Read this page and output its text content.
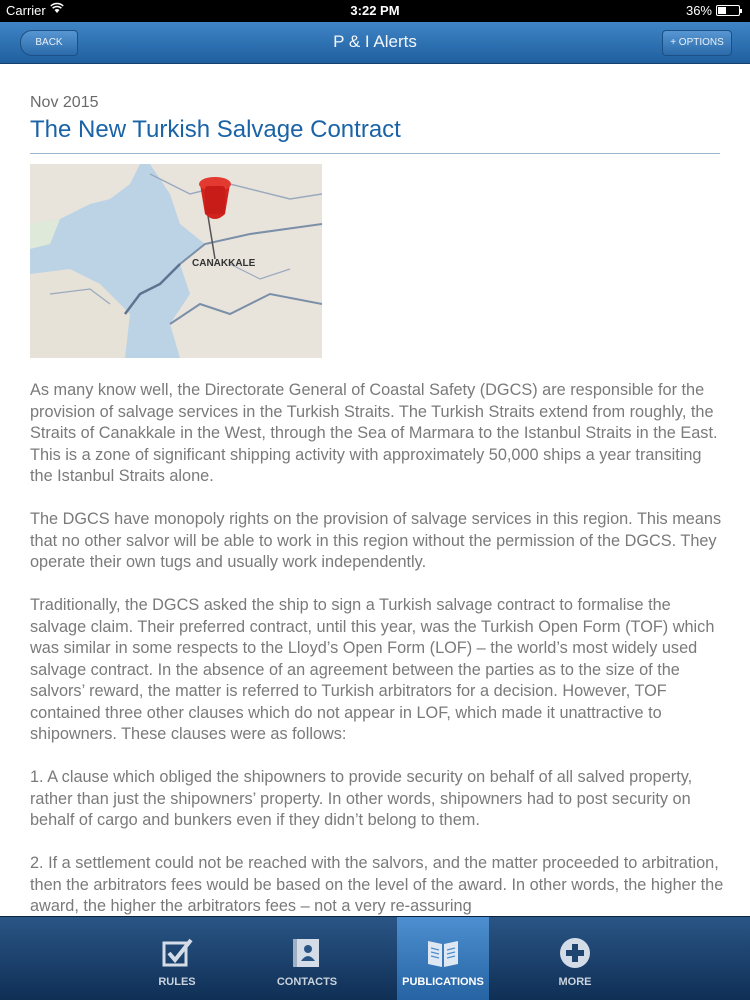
Carrier	3:22 PM	36%
BACK	P & I Alerts	+ OPTIONS
Nov 2015
The New Turkish Salvage Contract
CANAKKALE

As many know well, the Directorate General of Coastal Safety (DGCS) are responsible for the provision of salvage services in the Turkish Straits. The Turkish Straits extend from roughly, the Straits of Canakkale in the West, through the Sea of Marmara to the Istanbul Straits in the East. This is a zone of significant shipping activity with approximately 50,000 ships a year transiting the Istanbul Straits alone.

The DGCS have monopoly rights on the provision of salvage services in this region. This means that no other salvor will be able to work in this region without the permission of the DGCS. They operate their own tugs and usually work independently.

Traditionally, the DGCS asked the ship to sign a Turkish salvage contract to formalise the salvage claim. Their preferred contract, until this year, was the Turkish Open Form (TOF) which was similar in some respects to the Lloyd’s Open Form (LOF) – the world’s most widely used salvage contract. In the absence of an agreement between the parties as to the size of the salvors’ reward, the matter is referred to Turkish arbitrators for a decision. However, TOF contained three other clauses which do not appear in LOF, which made it unattractive to shipowners. These clauses were as follows:

1. A clause which obliged the shipowners to provide security on behalf of all salved property, rather than just the shipowners’ property. In other words, shipowners had to post security on behalf of cargo and bunkers even if they didn’t belong to them.

2. If a settlement could not be reached with the salvors, and the matter proceeded to arbitration, then the arbitrators fees would be based on the level of the award. In other words, the higher the award, the higher the arbitrators fees – not a very re-assuring

RULES	CONTACTS	PUBLICATIONS	MORE
